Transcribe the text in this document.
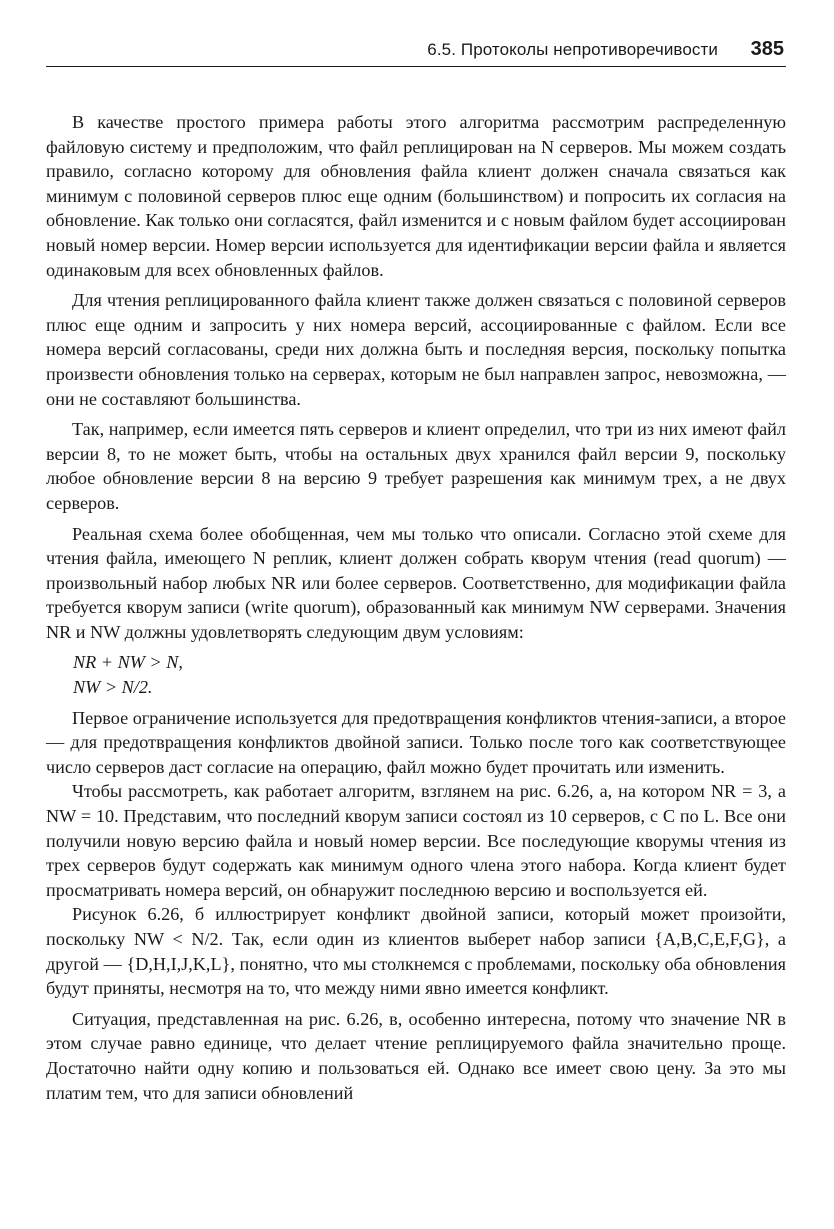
6.5. Протоколы непротиворечивости 385

В качестве простого примера работы этого алгоритма рассмотрим распределенную файловую систему и предположим, что файл реплицирован на N серверов. Мы можем создать правило, согласно которому для обновления файла клиент должен сначала связаться как минимум с половиной серверов плюс еще одним (большинством) и попросить их согласия на обновление. Как только они согласятся, файл изменится и с новым файлом будет ассоциирован новый номер версии. Номер версии используется для идентификации версии файла и является одинаковым для всех обновленных файлов.

Для чтения реплицированного файла клиент также должен связаться с половиной серверов плюс еще одним и запросить у них номера версий, ассоциированные с файлом. Если все номера версий согласованы, среди них должна быть и последняя версия, поскольку попытка произвести обновления только на серверах, которым не был направлен запрос, невозможна, — они не составляют большинства.

Так, например, если имеется пять серверов и клиент определил, что три из них имеют файл версии 8, то не может быть, чтобы на остальных двух хранился файл версии 9, поскольку любое обновление версии 8 на версию 9 требует разрешения как минимум трех, а не двух серверов.

Реальная схема более обобщенная, чем мы только что описали. Согласно этой схеме для чтения файла, имеющего N реплик, клиент должен собрать кворум чтения (read quorum) — произвольный набор любых NR или более серверов. Соответственно, для модификации файла требуется кворум записи (write quorum), образованный как минимум NW серверами. Значения NR и NW должны удовлетворять следующим двум условиям:

NR + NW > N,
NW > N/2.

Первое ограничение используется для предотвращения конфликтов чтения-записи, а второе — для предотвращения конфликтов двойной записи. Только после того как соответствующее число серверов даст согласие на операцию, файл можно будет прочитать или изменить.

Чтобы рассмотреть, как работает алгоритм, взглянем на рис. 6.26, а, на котором NR = 3, а NW = 10. Представим, что последний кворум записи состоял из 10 серверов, с C по L. Все они получили новую версию файла и новый номер версии. Все последующие кворумы чтения из трех серверов будут содержать как минимум одного члена этого набора. Когда клиент будет просматривать номера версий, он обнаружит последнюю версию и воспользуется ей.

Рисунок 6.26, б иллюстрирует конфликт двойной записи, который может произойти, поскольку NW < N/2. Так, если один из клиентов выберет набор записи {A,B,C,E,F,G}, а другой — {D,H,I,J,K,L}, понятно, что мы столкнемся с проблемами, поскольку оба обновления будут приняты, несмотря на то, что между ними явно имеется конфликт.

Ситуация, представленная на рис. 6.26, в, особенно интересна, потому что значение NR в этом случае равно единице, что делает чтение реплицируемого файла значительно проще. Достаточно найти одну копию и пользоваться ей. Однако все имеет свою цену. За это мы платим тем, что для записи обновлений
